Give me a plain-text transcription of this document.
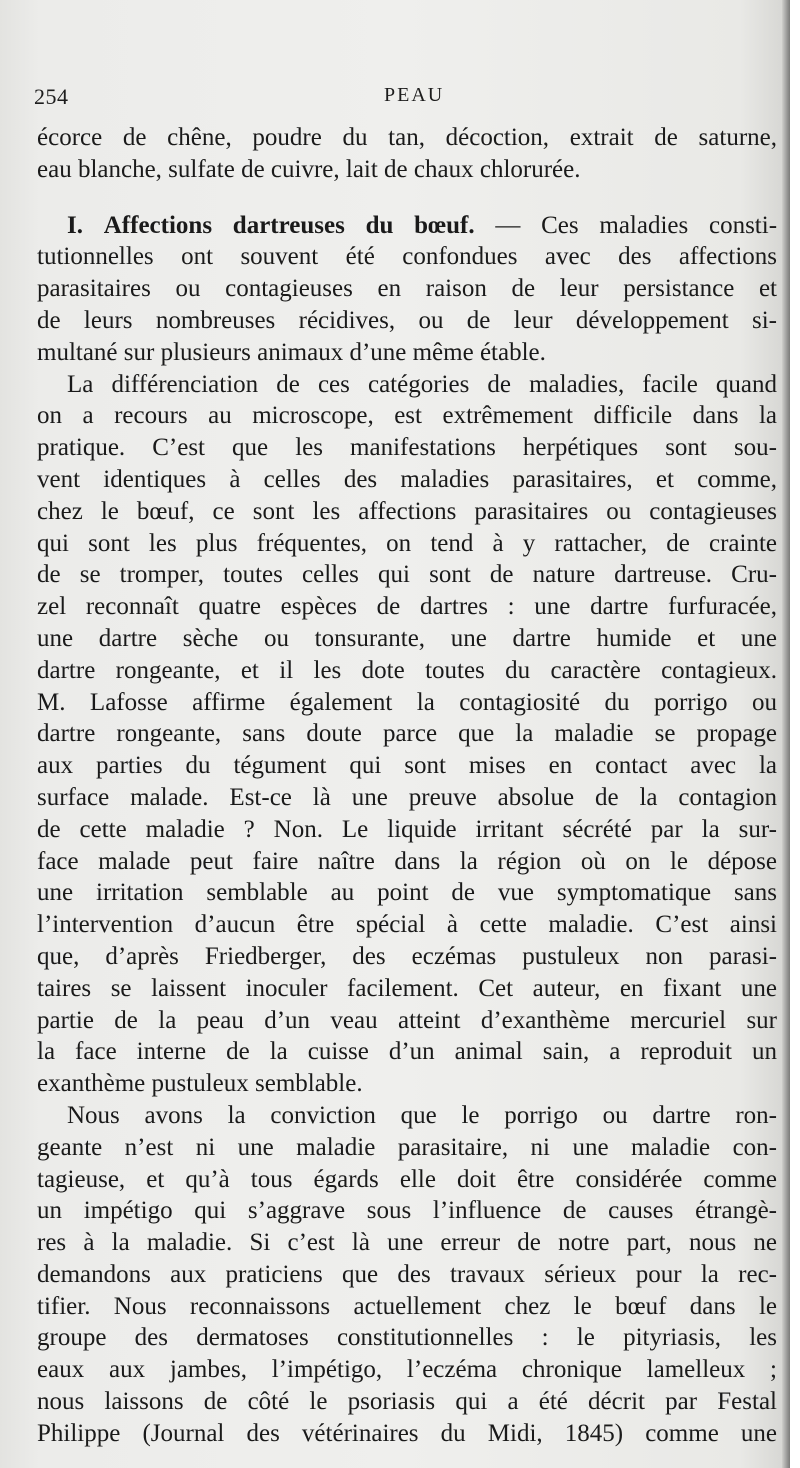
254	PEAU
écorce de chêne, poudre du tan, décoction, extrait de saturne,
eau blanche, sulfate de cuivre, lait de chaux chlorurée.
I. Affections dartreuses du bœuf. — Ces maladies consti-
tutionnelles ont souvent été confondues avec des affections
parasitaires ou contagieuses en raison de leur persistance et
de leurs nombreuses récidives, ou de leur développement si-
multané sur plusieurs animaux d’une même étable.
La différenciation de ces catégories de maladies, facile quand
on a recours au microscope, est extrêmement difficile dans la
pratique. C’est que les manifestations herpétiques sont sou-
vent identiques à celles des maladies parasitaires, et comme,
chez le bœuf, ce sont les affections parasitaires ou contagieuses
qui sont les plus fréquentes, on tend à y rattacher, de crainte
de se tromper, toutes celles qui sont de nature dartreuse. Cru-
zel reconnaît quatre espèces de dartres : une dartre furfuracée,
une dartre sèche ou tonsurante, une dartre humide et une
dartre rongeante, et il les dote toutes du caractère contagieux.
M. Lafosse affirme également la contagiosité du porrigo ou
dartre rongeante, sans doute parce que la maladie se propage
aux parties du tégument qui sont mises en contact avec la
surface malade. Est-ce là une preuve absolue de la contagion
de cette maladie ? Non. Le liquide irritant sécrété par la sur-
face malade peut faire naître dans la région où on le dépose
une irritation semblable au point de vue symptomatique sans
l’intervention d’aucun être spécial à cette maladie. C’est ainsi
que, d’après Friedberger, des eczémas pustuleux non parasi-
taires se laissent inoculer facilement. Cet auteur, en fixant une
partie de la peau d’un veau atteint d’exanthème mercuriel sur
la face interne de la cuisse d’un animal sain, a reproduit un
exanthème pustuleux semblable.
Nous avons la conviction que le porrigo ou dartre ron-
geante n’est ni une maladie parasitaire, ni une maladie con-
tagieuse, et qu’à tous égards elle doit être considérée comme
un impétigo qui s’aggrave sous l’influence de causes étrangè-
res à la maladie. Si c’est là une erreur de notre part, nous ne
demandons aux praticiens que des travaux sérieux pour la rec-
tifier. Nous reconnaissons actuellement chez le bœuf dans le
groupe des dermatoses constitutionnelles : le pityriasis, les
eaux aux jambes, l’impétigo, l’eczéma chronique lamelleux ;
nous laissons de côté le psoriasis qui a été décrit par Festal
Philippe (Journal des vétérinaires du Midi, 1845) comme une
